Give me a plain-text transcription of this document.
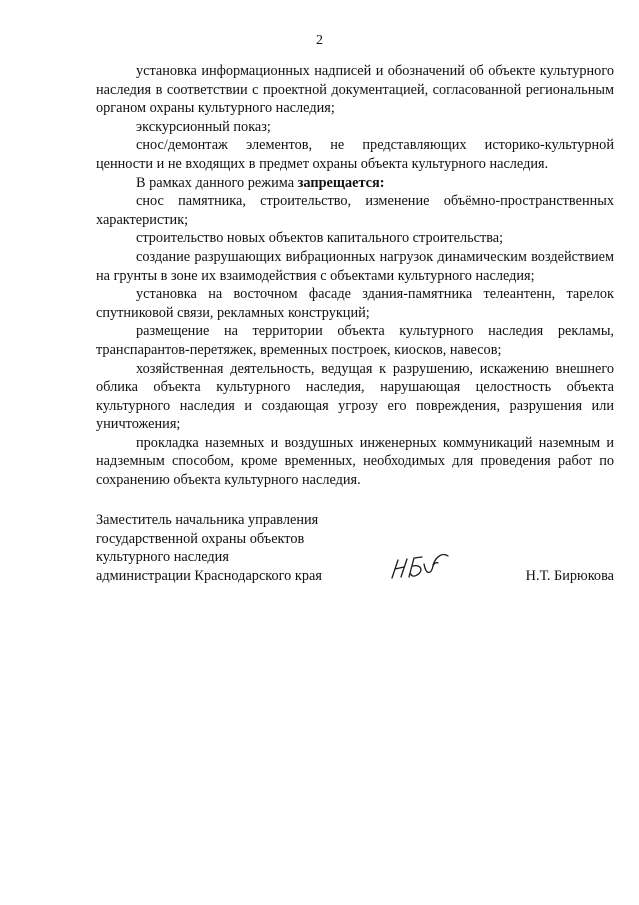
2

установка информационных надписей и обозначений об объекте культурного наследия в соответствии с проектной документацией, согласованной региональным органом охраны культурного наследия;

экскурсионный показ;

снос/демонтаж элементов, не представляющих историко-культурной ценности и не входящих в предмет охраны объекта культурного наследия.

В рамках данного режима запрещается:

снос памятника, строительство, изменение объёмно-пространственных характеристик;

строительство новых объектов капитального строительства;

создание разрушающих вибрационных нагрузок динамическим воздействием на грунты в зоне их взаимодействия с объектами культурного наследия;

установка на восточном фасаде здания-памятника телеантенн, тарелок спутниковой связи, рекламных конструкций;

размещение на территории объекта культурного наследия рекламы, транспарантов-перетяжек, временных построек, киосков, навесов;

хозяйственная деятельность, ведущая к разрушению, искажению внешнего облика объекта культурного наследия, нарушающая целостность объекта культурного наследия и создающая угрозу его повреждения, разрушения или уничтожения;

прокладка наземных и воздушных инженерных коммуникаций наземным и надземным способом, кроме временных, необходимых для проведения работ по сохранению объекта культурного наследия.

Заместитель начальника управления
государственной охраны объектов
культурного наследия
администрации Краснодарского края	Н.Т. Бирюкова
